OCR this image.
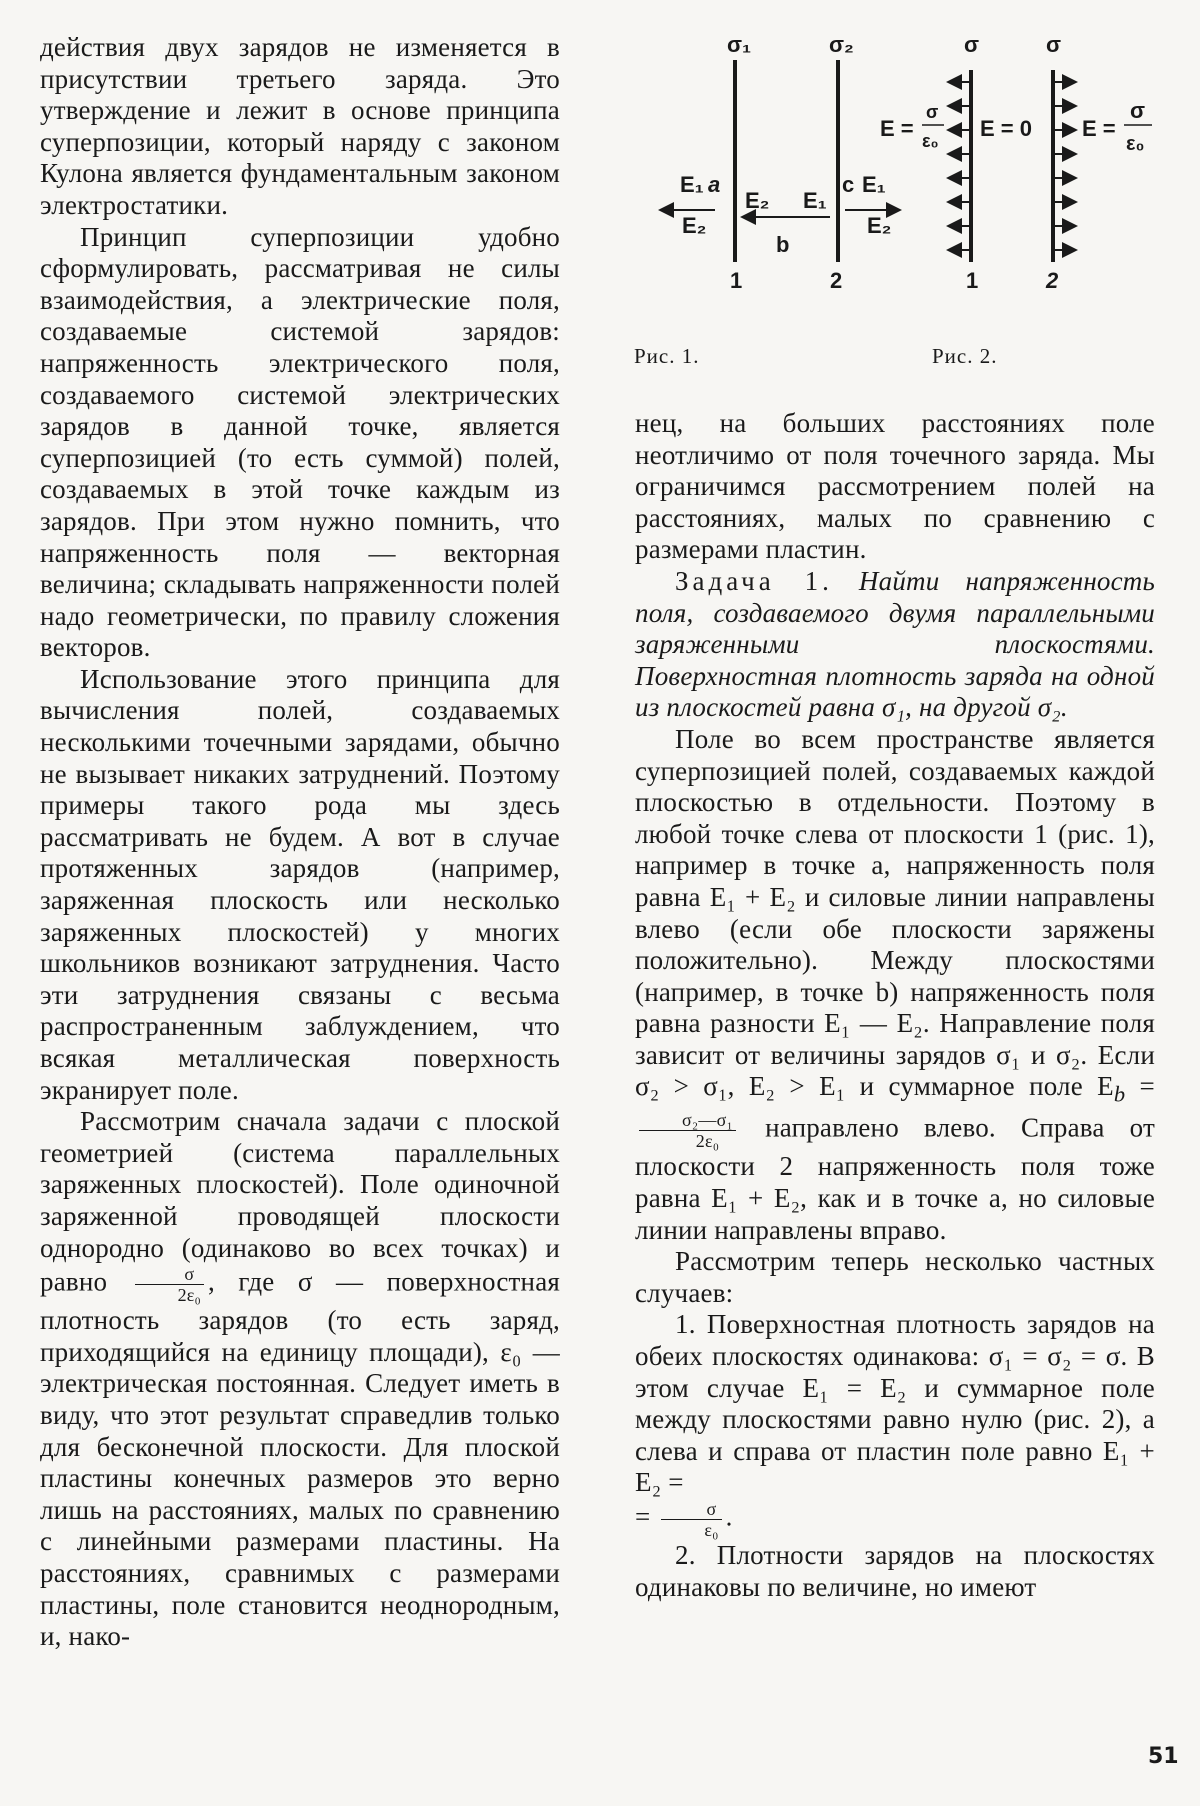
σ₁	σ₂
E₁ a
E₂
E₂
b
E₁
c E₁
E₂
1	2
σ	σ
E =
σ
ε₀ E = 0 E =
σ
ε₀
1	2
Рис. 1.	Рис. 2.

действия двух зарядов не изменяется в присутствии третьего заряда. Это утверждение и лежит в основе принципа суперпозиции, который наряду с законом Кулона является фундаментальным законом электростатики.

Принцип суперпозиции удобно сформулировать, рассматривая не силы взаимодействия, а электрические поля, создаваемые системой зарядов: напряженность электрического поля, создаваемого системой электрических зарядов в данной точке, является суперпозицией (то есть суммой) полей, создаваемых в этой точке каждым из зарядов. При этом нужно помнить, что напряженность поля — векторная величина; складывать напряженности полей надо геометрически, по правилу сложения векторов.

Использование этого принципа для вычисления полей, создаваемых несколькими точечными зарядами, обычно не вызывает никаких затруднений. Поэтому примеры такого рода мы здесь рассматривать не будем. А вот в случае протяженных зарядов (например, заряженная плоскость или несколько заряженных плоскостей) у многих школьников возникают затруднения. Часто эти затруднения связаны с весьма распространенным заблуждением, что всякая металлическая поверхность экранирует поле.

Рассмотрим сначала задачи с плоской геометрией (система параллельных заряженных плоскостей). Поле одиночной заряженной проводящей плоскости однородно (одинаково во всех точках) и равно $\frac{\sigma}{\text{2ε₀}}$ , где σ — поверхностная плотность зарядов (то есть заряд, приходящийся на единицу площади), ε₀ — электрическая постоянная. Следует иметь в виду, что этот результат справедлив только для бесконечной плоскости. Для плоской пластины конечных размеров это верно лишь на расстояниях, малых по сравнению с линейными размерами пластины. На расстояниях, сравнимых с размерами пластины, поле становится неоднородным, и, нако-

нец, на больших расстояниях поле неотличимо от поля точечного заряда. Мы ограничимся рассмотрением полей на расстояниях, малых по сравнению с размерами пластин.

Задача 1. Найти напряженность поля, создаваемого двумя параллельными заряженными плоскостями. Поверхностная плотность заряда на одной из плоскостей равна σ₁, на другой σ₂.

Поле во всем пространстве является суперпозицией полей, создаваемых каждой плоскостью в отдельности. Поэтому в любой точке слева от плоскости 1 (рис. 1), например в точке a, напряженность поля равна E₁ + E₂ и силовые линии направлены влево (если обе плоскости заряжены положительно). Между плоскостями (например, в точке b) напряженность поля равна разности E₁ — E₂. Направление поля зависит от величины зарядов σ₁ и σ₂. Если σ₂ > σ₁, E₂ > E₁ и суммарное поле $E_b$ =
$\frac{\text{σ₂—σ₁}}{\text{2ε₀}}$ направлено влево. Справа от плоскости 2 напряженность поля тоже равна E₁ + E₂, как и в точке a, но силовые линии направлены вправо.

Рассмотрим теперь несколько частных случаев:

1. Поверхностная плотность зарядов на обеих плоскостях одинакова: σ₁ = σ₂ = σ. В этом случае E₁ = E₂ и суммарное поле между плоскостями равно нулю (рис. 2), а слева и справа от пластин поле равно E₁ + E₂ =
= $\frac{\sigma}{\text{ε₀}}$ .

2. Плотности зарядов на плоскостях одинаковы по величине, но имеют

51
